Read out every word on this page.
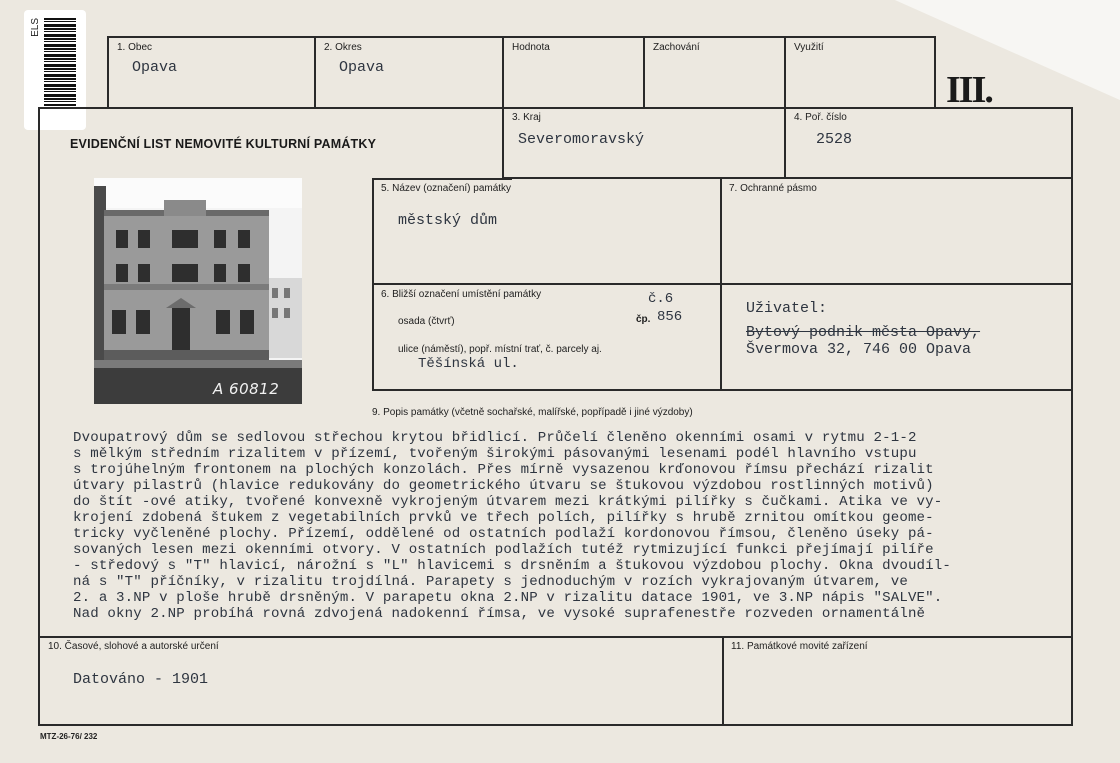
ELS
1. Obec
Opava
2. Okres
Opava
Hodnota	Zachování	Využití
III.
EVIDENČNÍ LIST NEMOVITÉ KULTURNÍ PAMÁTKY
3. Kraj
Severomoravský
4. Poř. číslo
2528
A 60812
5. Název (označení) památky
městský dům
7. Ochranné pásmo
6. Bližší označení umístění památky	č.6
osada (čtvrť)	čp. 856
ulice (náměstí), popř. místní trať, č. parcely aj.
Těšínská ul.
Uživatel:
Bytový podnik města Opavy,
Švermova 32, 746 00 Opava
9. Popis památky (včetně sochařské, malířské, popřípadě i jiné výzdoby)
Dvoupatrový dům se sedlovou střechou krytou břidlicí. Průčelí členěno okenními osami v rytmu 2-1-2
s mělkým středním rizalitem v přízemí, tvořeným širokými pásovanými lesenami podél hlavního vstupu
s trojúhelným frontonem na plochých konzolách. Přes mírně vysazenou krďonovou římsu přechází rizalit
útvary pilastrů (hlavice redukovány do geometrického útvaru se štukovou výzdobou rostlinných motivů)
do štít -ové atiky, tvořené konvexně vykrojeným útvarem mezi krátkými pilířky s čučkami. Atika ve vy-
krojení zdobená štukem z vegetabilních prvků ve třech polích, pilířky s hrubě zrnitou omítkou geome-
tricky vyčleněné plochy. Přízemí, oddělené od ostatních podlaží kordonovou římsou, členěno úseky pá-
sovaných lesen mezi okenními otvory. V ostatních podlažích tutéž rytmizující funkci přejímají pilíře
- středový s "T" hlavicí, nárožní s "L" hlavicemi s drsněním a štukovou výzdobou plochy. Okna dvoudíl-
ná s "T" příčníky, v rizalitu trojdílná. Parapety s jednoduchým v rozích vykrajovaným útvarem, ve
2. a 3.NP v ploše hrubě drsněným. V parapetu okna 2.NP v rizalitu datace 1901, ve 3.NP nápis "SALVE".
Nad okny 2.NP probíhá rovná zdvojená nadokenní římsa, ve vysoké suprafenestře rozveden ornamentálně
10. Časové, slohové a autorské určení
Datováno - 1901
11. Památkové movité zařízení
MTZ-26-76/ 232
